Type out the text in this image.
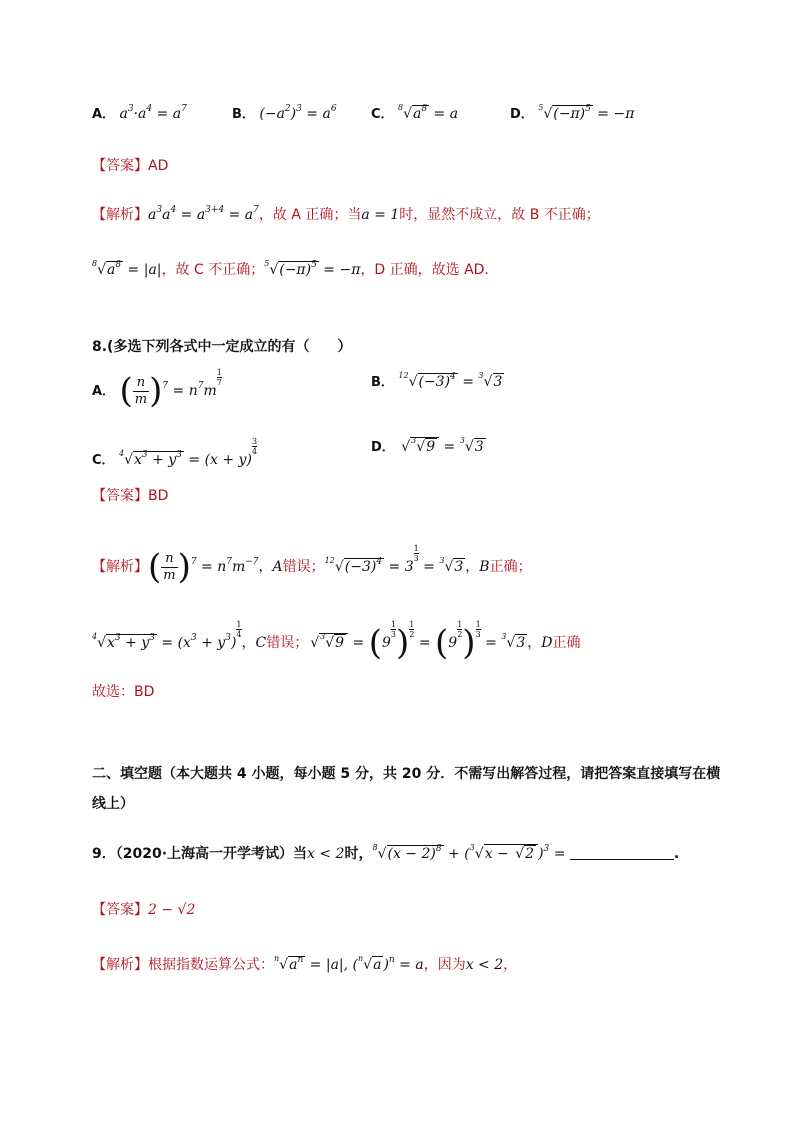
A． $a^3\cdot a^4 = a^7$	B． $(-a^2)^3 = a^6$	C． $^8$√ $a^8 = a$	D． $^5$√ $(-\pi)^5 = -\pi$
【答案】AD
【解析】$a^3a^4 = a^{3+4} = a^7$，故 A 正确；当a = 1时，显然不成立，故 B 不正确；
$^8$√ $a^8 = |a|$，故 C 不正确；$^5$√ $(-\pi)^5 = -\pi$，D 正确，故选 AD.
8.(多选下列各式中一定成立的有（　　）
A． ( $\frac{n}{m} )^7 = n^7m$
$\frac{1}{7}$	B． $^{12}$√ $(-3)^4 = ^3√$ 3
C． $^4$√ $x^3 + y^3 = (x + y)$
$\frac{3}{4}$	D． √ $^3$√ 9 = $^3$√ 3
【答案】BD
【解析】( $\frac{n}{m} )^7 = n^7m^{-7}$，A错误；$^{12}$√ $(-3)^4 = 3$
$\frac{1}{3} = ^3√$ 3 ，B正确；
$^4$√ $x^3 + y^3 = (x^3 + y^3)$
$\frac{1}{4}$，C错误；√ $^3$√ 9 = (9
$\frac{1}{3}) \frac{1}{2} = (9$
$\frac{1}{2}) \frac{1}{3} = ^3√$ 3 ，D正确
故选：BD
二、填空题（本大题共 4 小题，每小题 5 分，共 20 分．不需写出解答过程，请把答案直接填写在横
线上）
9．（2020·上海高一开学考试）当x < 2时，$^8$√ $(x - 2)^8 + (^3√$ x − √ 2 )$^3$ =	.
【答案】2 − √2
【解析】根据指数运算公式：$^n$√ $a^n = |a|$, ($^n$√ a )$^n$ = a，因为x < 2，
